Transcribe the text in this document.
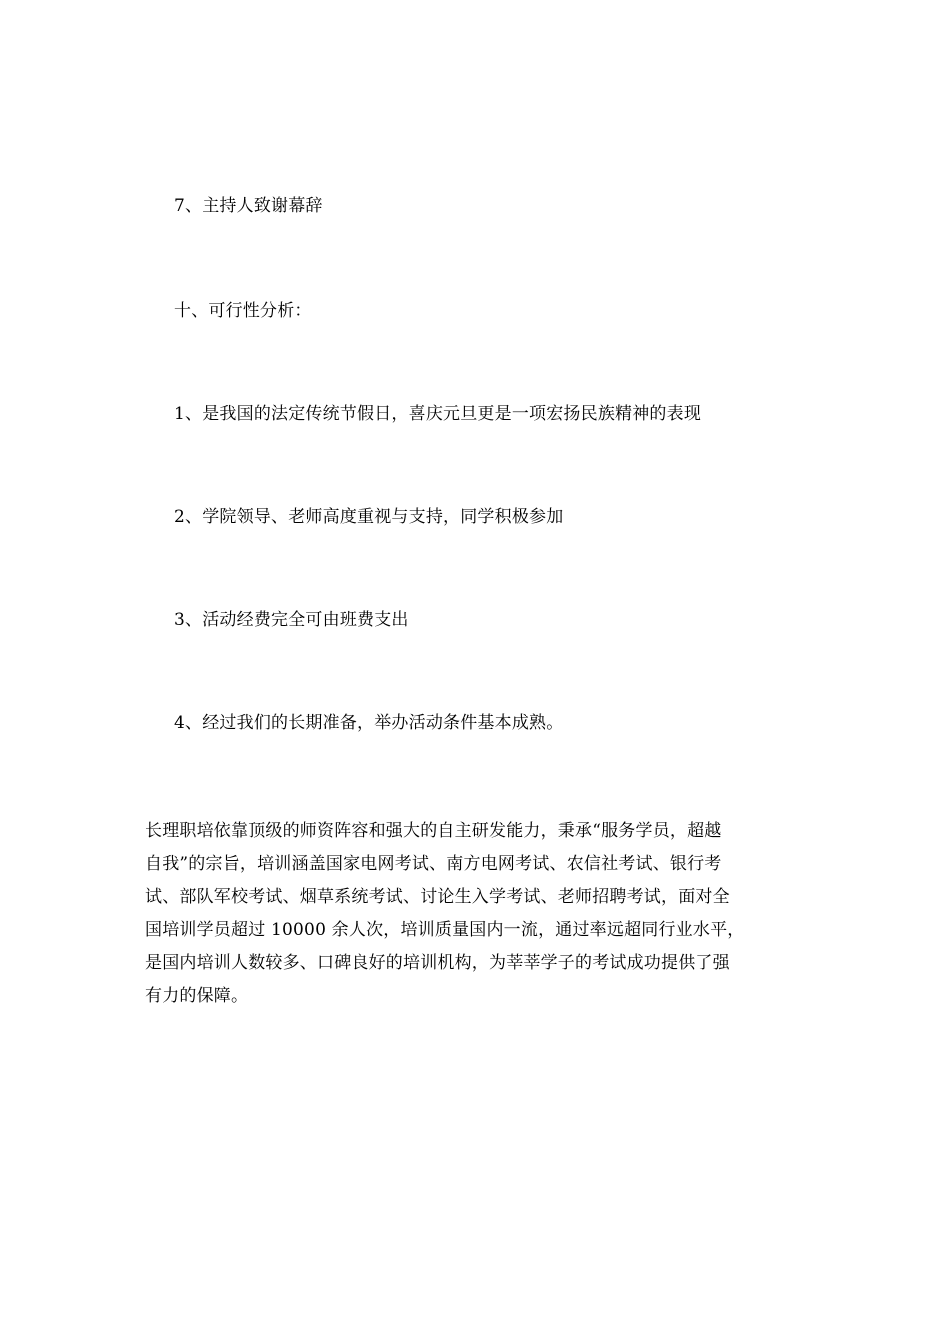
7、主持人致谢幕辞
十、可行性分析：
1、是我国的法定传统节假日，喜庆元旦更是一项宏扬民族精神的表现
2、学院领导、老师高度重视与支持，同学积极参加
3、活动经费完全可由班费支出
4、经过我们的长期准备，举办活动条件基本成熟。
长理职培依靠顶级的师资阵容和强大的自主研发能力，秉承“服务学员，超越
自我”的宗旨，培训涵盖国家电网考试、南方电网考试、农信社考试、银行考
试、部队军校考试、烟草系统考试、讨论生入学考试、老师招聘考试，面对全
国培训学员超过 10000 余人次，培训质量国内一流，通过率远超同行业水平，
是国内培训人数较多、口碑良好的培训机构，为莘莘学子的考试成功提供了强
有力的保障。
